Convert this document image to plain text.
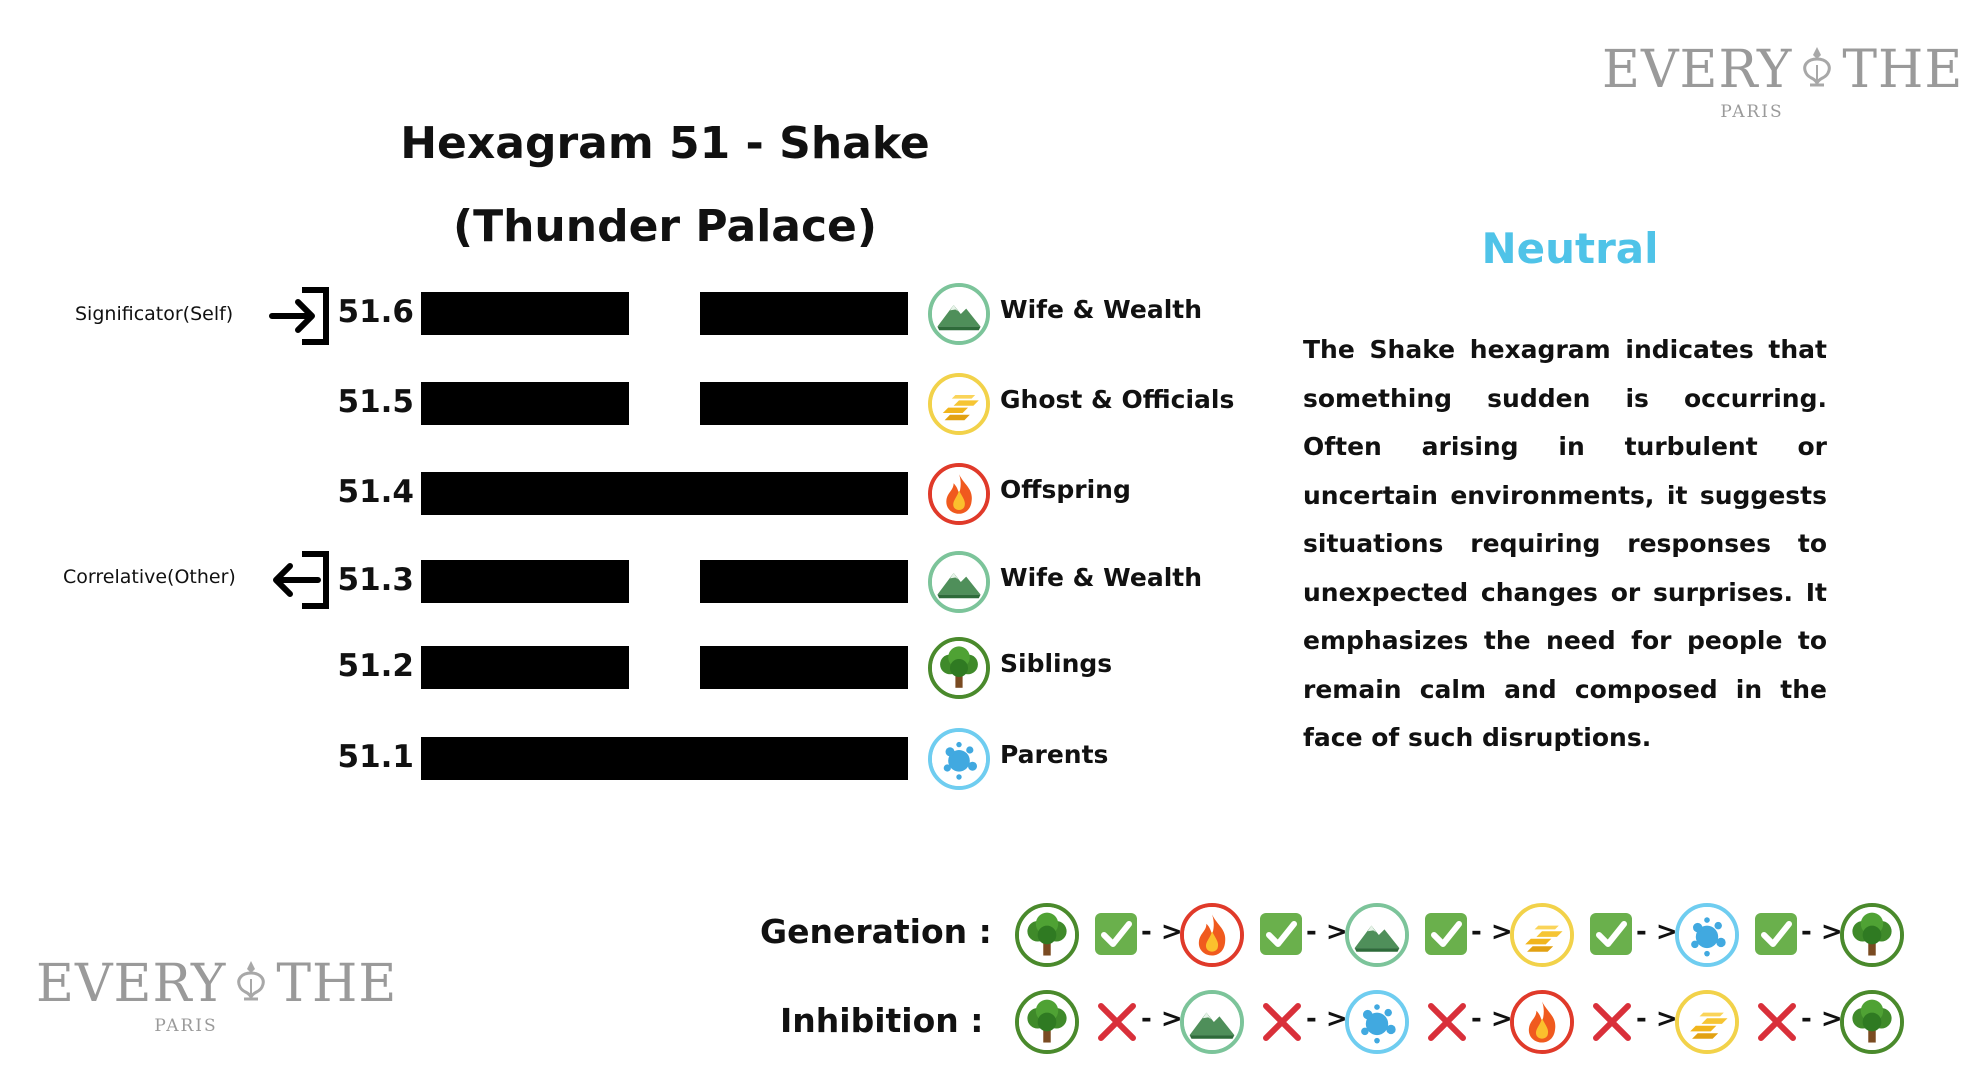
EVERY THE
PARIS
EVERY THE
PARIS
Hexagram 51 - Shake
(Thunder Palace)
Significator(Self)
Correlative(Other)
51.6	Wife & Wealth
51.5	Ghost & Officials
51.4	Offspring
51.3	Wife & Wealth
51.2	Siblings
51.1	Parents
Neutral
The Shake hexagram indicates that something sudden is occurring. Often arising in turbulent or uncertain environments, it suggests situations requiring responses to unexpected changes or surprises. It emphasizes the need for people to remain calm and composed in the face of such disruptions.
Generation :
Inhibition :
- >	- >	- >	- >	- >
- >	- >	- >	- >	- >
